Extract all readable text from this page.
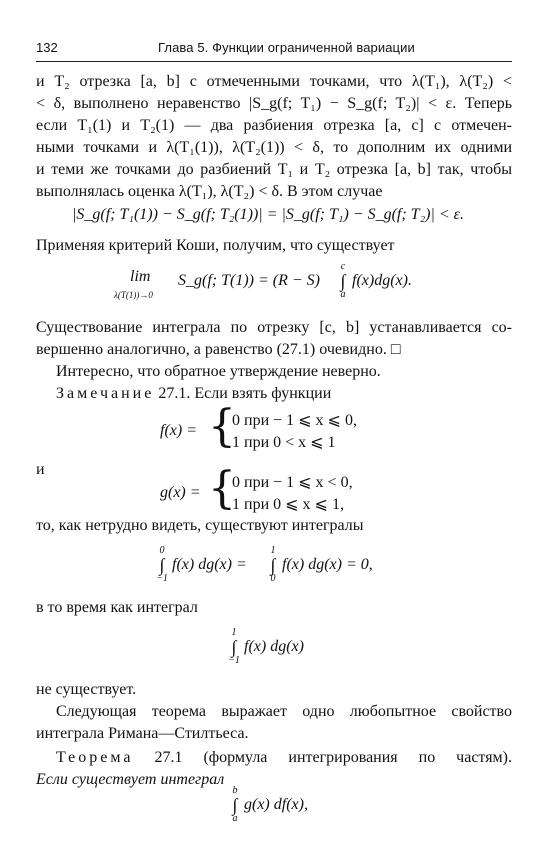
132	Глава 5. Функции ограниченной вариации
и T₂ отрезка [a, b] с отмеченными точками, что λ(T₁), λ(T₂) <
< δ, выполнено неравенство |S_g(f; T₁) − S_g(f; T₂)| < ε. Теперь
если T₁(1) и T₂(1) — два разбиения отрезка [a, c] с отмечен-
ными точками и λ(T₁(1)), λ(T₂(1)) < δ, то дополним их одними
и теми же точками до разбиений T₁ и T₂ отрезка [a, b] так, чтобы
выполнялась оценка λ(T₁), λ(T₂) < δ. В этом случае
|S_g(f; T₁(1)) − S_g(f; T₂(1))| = |S_g(f; T₁) − S_g(f; T₂)| < ε.
Применяя критерий Коши, получим, что существует
lim
λ(T(1))→0
S_g(f; T(1)) = (R − S)
c
∫
a
f(x)dg(x).
Существование интеграла по отрезку [c, b] устанавливается со-
вершенно аналогично, а равенство (27.1) очевидно. □
Интересно, что обратное утверждение неверно.
Замечание 27.1. Если взять функции
f(x) = {
0 при − 1 ⩽ x ⩽ 0,
1 при 0 < x ⩽ 1
и
g(x) = {
0 при − 1 ⩽ x < 0,
1 при 0 ⩽ x ⩽ 1,
то, как нетрудно видеть, существуют интегралы
0
∫
−1
f(x) dg(x) =
1
∫
0
f(x) dg(x) = 0,
в то время как интеграл
1
∫
−1
f(x) dg(x)
не существует.
Следующая теорема выражает одно любопытное свойство
интеграла Римана—Стилтьеса.
Теорема 27.1 (формула интегрирования по частям).
Если существует интеграл
b
∫
a
g(x) df(x),
